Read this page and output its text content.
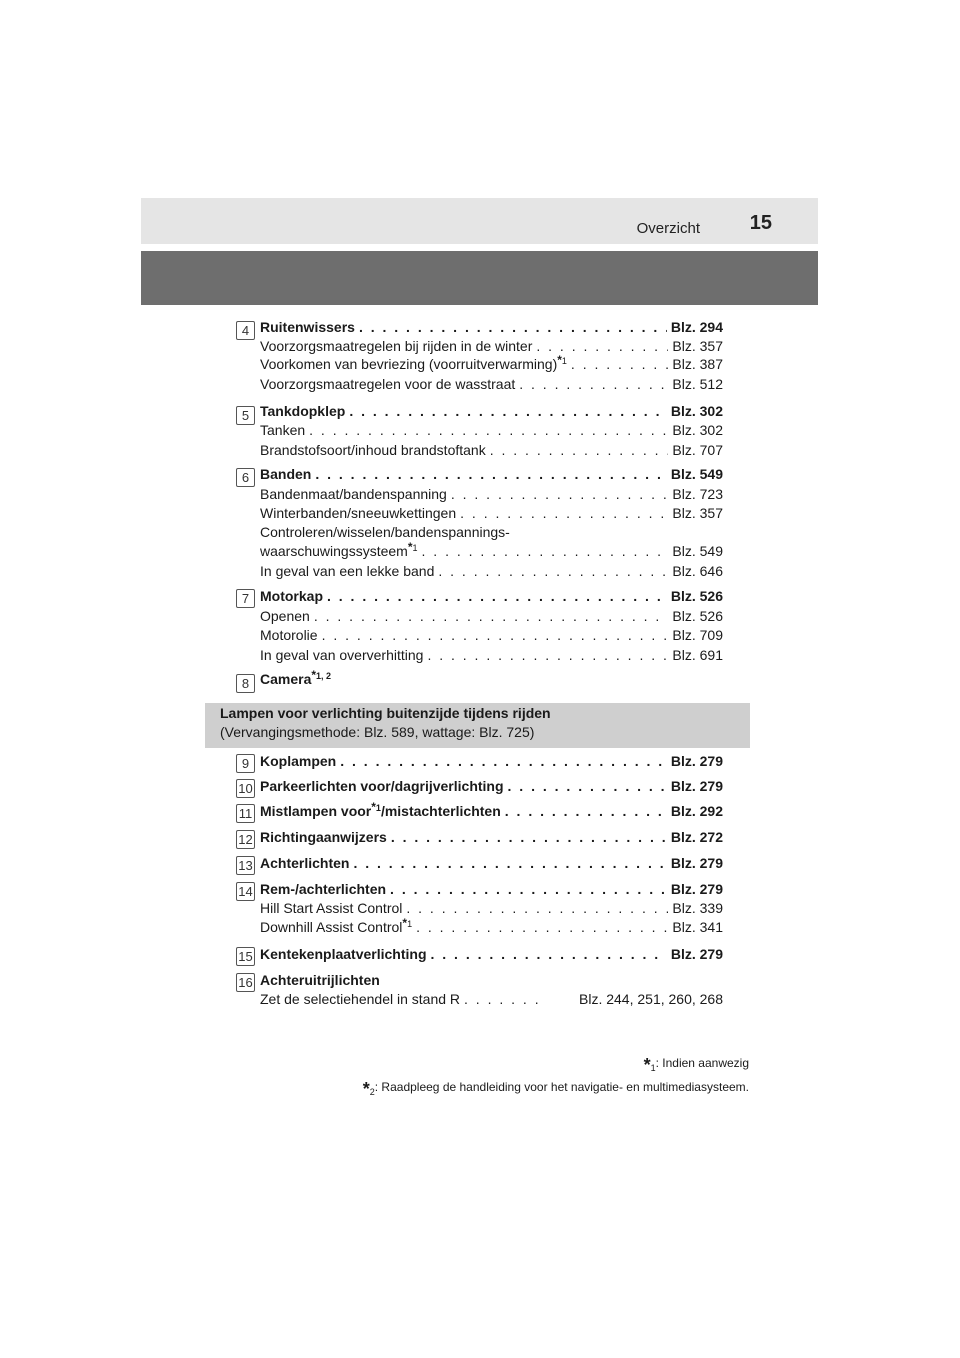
Overzicht	15
4 Ruitenwissers . . .	Blz. 294
Voorzorgsmaatregelen bij rijden in de winter . . .	Blz. 357
Voorkomen van bevriezing (voorruitverwarming)$^{*1}$ . . .	Blz. 387
Voorzorgsmaatregelen voor de wasstraat . . .	Blz. 512
5 Tankdopklep . . .	Blz. 302
Tanken . . .	Blz. 302
Brandstofsoort/inhoud brandstoftank . . .	Blz. 707
6 Banden . . .	Blz. 549
Bandenmaat/bandenspanning . . .	Blz. 723
Winterbanden/sneeuwkettingen . . .	Blz. 357
Controleren/wisselen/bandenspannings-
waarschuwingssysteem$^{*1}$ . . .	Blz. 549
In geval van een lekke band . . .	Blz. 646
7 Motorkap . . .	Blz. 526
Openen . . .	Blz. 526
Motorolie . . .	Blz. 709
In geval van oververhitting . . .	Blz. 691
8 Camera$^{*1, 2}$
Lampen voor verlichting buitenzijde tijdens rijden
(Vervangingsmethode: Blz. 589, wattage: Blz. 725)
9 Koplampen . . .	Blz. 279
10 Parkeerlichten voor/dagrijverlichting . . .	Blz. 279
11 Mistlampen voor$^{*1}$/mistachterlichten . . .	Blz. 292
12 Richtingaanwijzers . . .	Blz. 272
13 Achterlichten . . .	Blz. 279
14 Rem-/achterlichten . . .	Blz. 279
Hill Start Assist Control . . .	Blz. 339
Downhill Assist Control$^{*1}$ . . .	Blz. 341
15 Kentekenplaatverlichting . . .	Blz. 279
16 Achteruitrijlichten
Zet de selectiehendel in stand R . . .	Blz. 244, 251, 260, 268
$*_1$: Indien aanwezig
$*_2$: Raadpleeg de handleiding voor het navigatie- en multimediasysteem.
